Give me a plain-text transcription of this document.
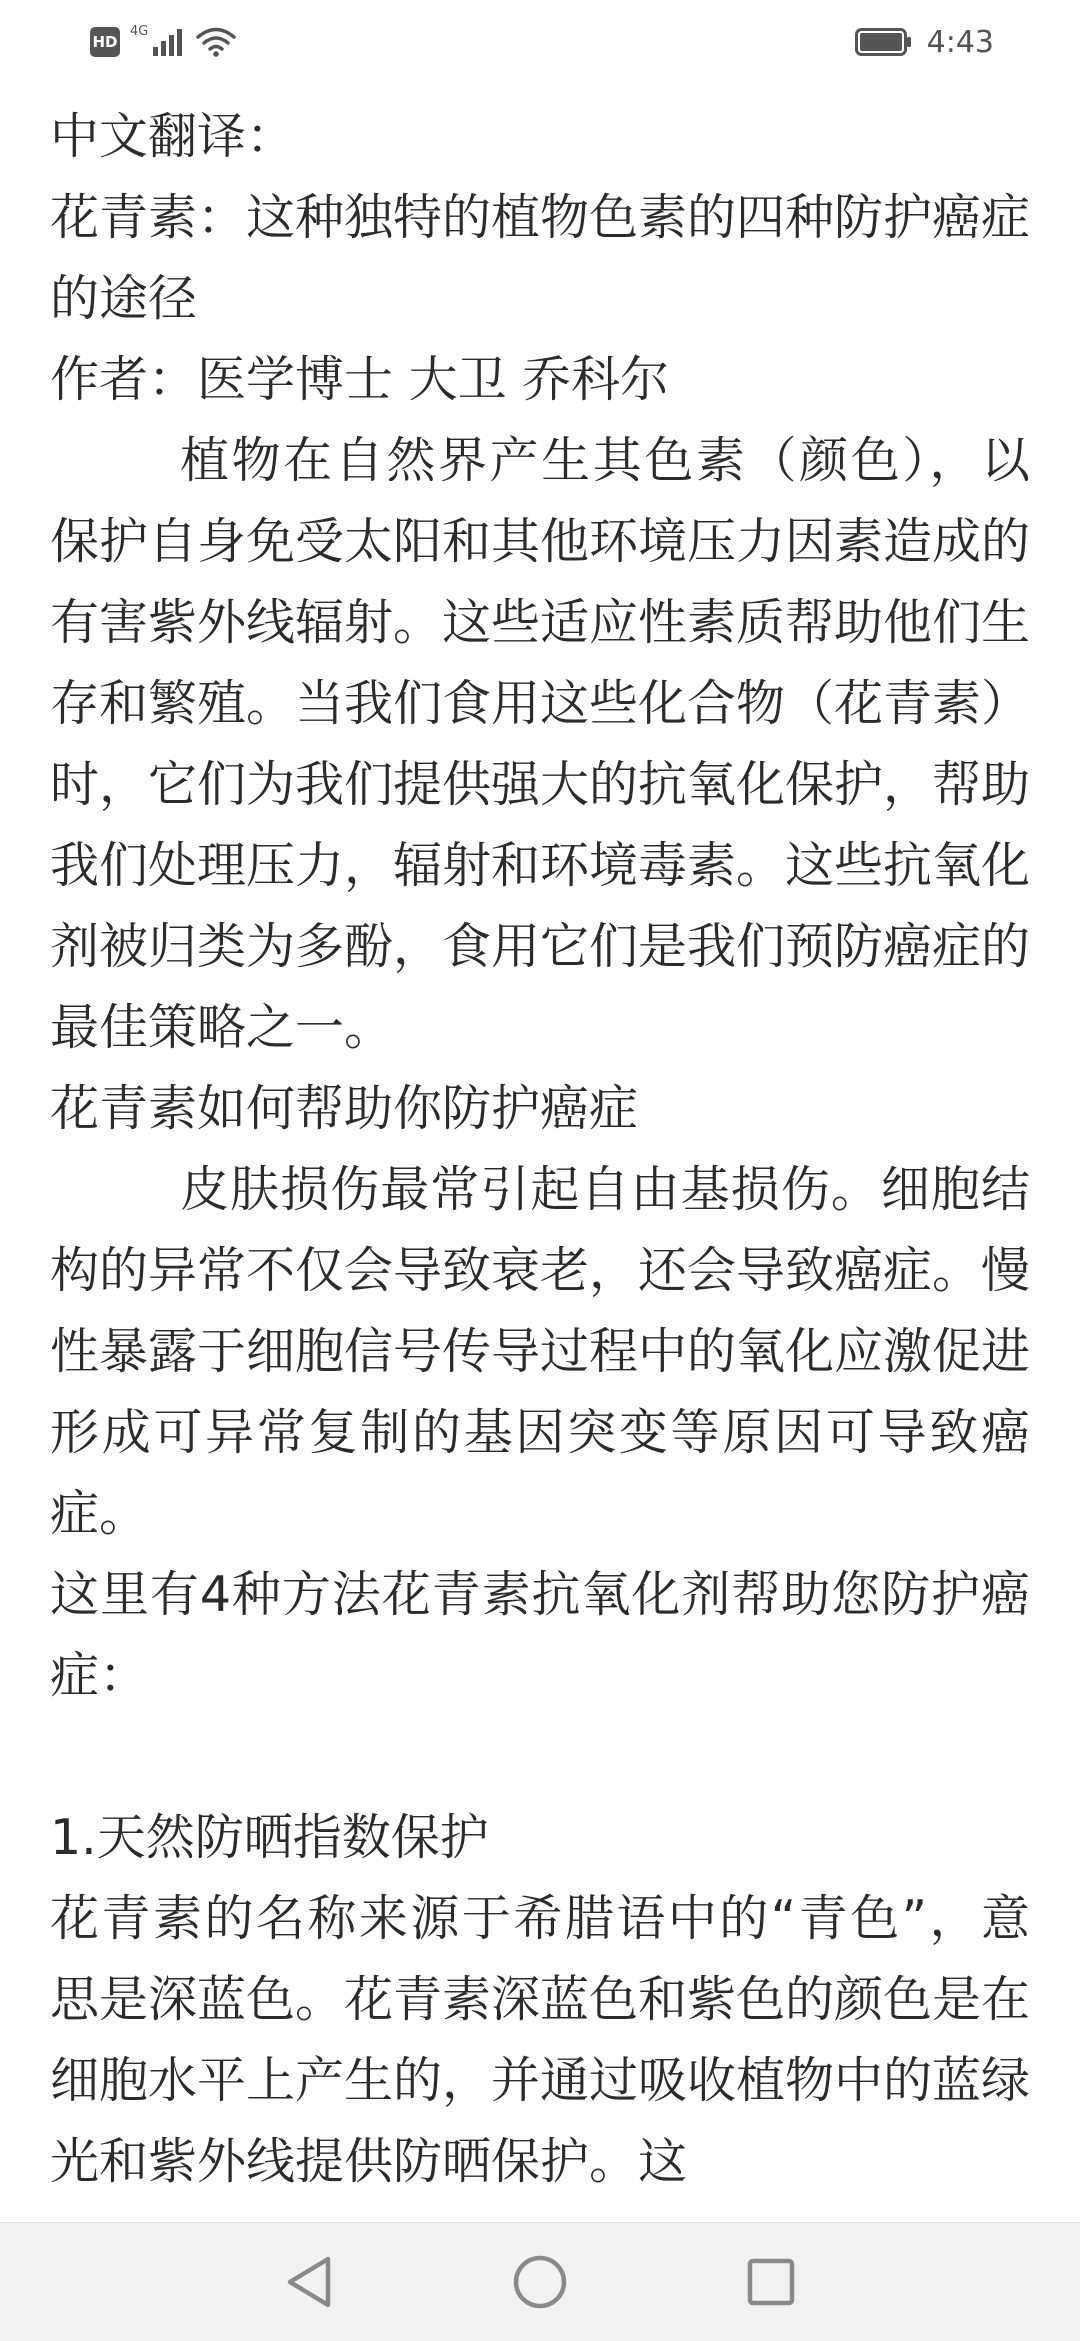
HD
4G	4:43

中文翻译：

花青素：这种独特的植物色素的四种防护癌症的途径

作者：医学博士 大卫 乔科尔

植物在自然界产生其色素（颜色），以保护自身免受太阳和其他环境压力因素造成的有害紫外线辐射。这些适应性素质帮助他们生存和繁殖。当我们食用这些化合物（花青素）时，它们为我们提供强大的抗氧化保护，帮助我们处理压力，辐射和环境毒素。这些抗氧化剂被归类为多酚，食用它们是我们预防癌症的最佳策略之一。

花青素如何帮助你防护癌症

皮肤损伤最常引起自由基损伤。细胞结构的异常不仅会导致衰老，还会导致癌症。慢性暴露于细胞信号传导过程中的氧化应激促进形成可异常复制的基因突变等原因可导致癌症。

这里有4种方法花青素抗氧化剂帮助您防护癌症：

1.天然防晒指数保护

花青素的名称来源于希腊语中的“青色”，意思是深蓝色。花青素深蓝色和紫色的颜色是在细胞水平上产生的，并通过吸收植物中的蓝绿光和紫外线提供防晒保护。这
